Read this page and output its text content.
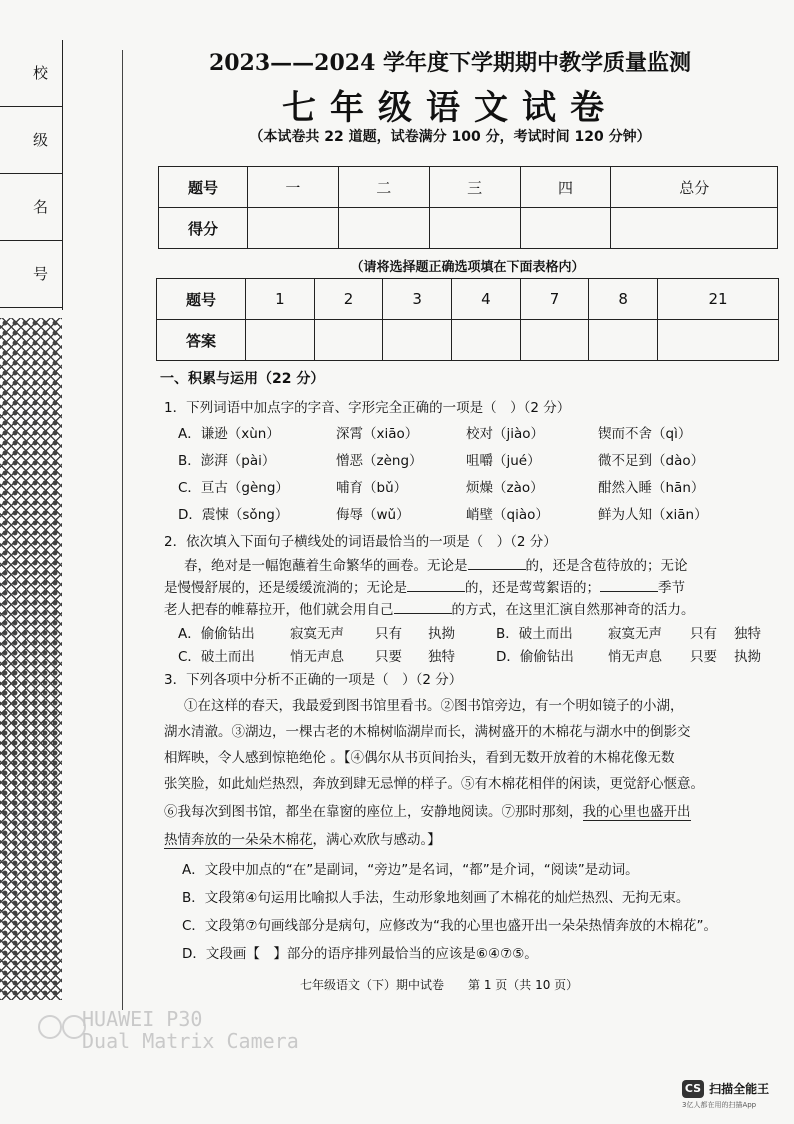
校
级
名
号
2023——2024 学年度下学期期中教学质量监测
七年级语文试卷
（本试卷共 22 道题，试卷满分 100 分，考试时间 120 分钟）
题号	一	二	三	四	总分
得分					
（请将选择题正确选项填在下面表格内）
题号	1	2	3	4	7	8	21
答案							
一、积累与运用（22 分）
1．下列词语中加点字的字音、字形完全正确的一项是（　）（2 分）
A．谦逊（xùn）	深霄（xiāo）	校对（jiào）	锲而不舍（qì）
B．澎湃（pài）	憎恶（zèng）	咀嚼（jué）	微不足到（dào）
C．亘古（gèng）	哺育（bǔ）	烦燥（zào）	酣然入睡（hān）
D．震悚（sǒng）	侮辱（wǔ）	峭壁（qiào）	鲜为人知（xiān）
2．依次填入下面句子横线处的词语最恰当的一项是（　）（2 分）
春，绝对是一幅饱蘸着生命繁华的画卷。无论是	的，还是含苞待放的；无论
是慢慢舒展的，还是缓缓流淌的；无论是	的，还是莺莺絮语的；	季节
老人把春的帷幕拉开，他们就会用自己	的方式，在这里汇演自然那神奇的活力。
A．偷偷钻出	寂寞无声 只有 执拗	B．破土而出	寂寞无声 只有 独特
C．破土而出	悄无声息 只要 独特	D．偷偷钻出	悄无声息 只要 执拗
3．下列各项中分析不正确的一项是（　）（2 分）
①在这样的春天，我最爱到图书馆里看书。②图书馆旁边，有一个明如镜子的小湖，
湖水清澈。③湖边，一棵古老的木棉树临湖岸而长，满树盛开的木棉花与湖水中的倒影交
相辉映，令人感到惊艳绝伦 。【④偶尔从书页间抬头，看到无数开放着的木棉花像无数
张笑脸，如此灿烂热烈，奔放到肆无忌惮的样子。⑤有木棉花相伴的闲读，更觉舒心惬意。
⑥我每次到图书馆，都坐在靠窗的座位上，安静地阅读。⑦那时那刻，我的心里也盛开出
热情奔放的一朵朵木棉花，满心欢欣与感动。】
A．文段中加点的“在”是副词，“旁边”是名词，“都”是介词，“阅读”是动词。
B．文段第④句运用比喻拟人手法，生动形象地刻画了木棉花的灿烂热烈、无拘无束。
C．文段第⑦句画线部分是病句，应修改为“我的心里也盛开出一朵朵热情奔放的木棉花”。
D．文段画【　】部分的语序排列最恰当的应该是⑥④⑦⑤。
七年级语文（下）期中试卷　　第 1 页（共 10 页）
HUAWEI P30
Dual Matrix Camera
CS 扫描全能王
3亿人都在用的扫描App
